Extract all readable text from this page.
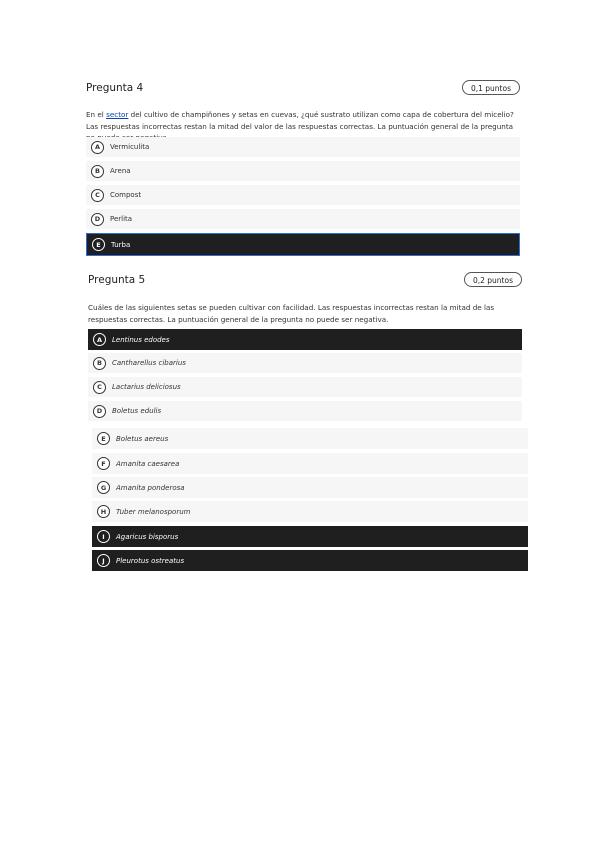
Pregunta 4	0,1 puntos
En el sector del cultivo de champiñones y setas en cuevas, ¿qué sustrato utilizan como capa de cobertura del micelio? Las respuestas incorrectas restan la mitad del valor de las respuestas correctas. La puntuación general de la pregunta
A	Vermiculita
B	Arena
C	Compost
D	Perlita
E	Turba
Pregunta 5	0,2 puntos
Cuáles de las siguientes setas se pueden cultivar con facilidad. Las respuestas incorrectas restan la mitad de las respuestas correctas. La puntuación general de la pregunta no puede ser negativa.
A	Lentinus edodes
B	Cantharellus cibarius
C	Lactarius deliciosus
D	Boletus edulis
E	Boletus aereus
F	Amanita caesarea
G	Amanita ponderosa
H	Tuber melanosporum
I	Agaricus bisporus
J	Pleurotus ostreatus
